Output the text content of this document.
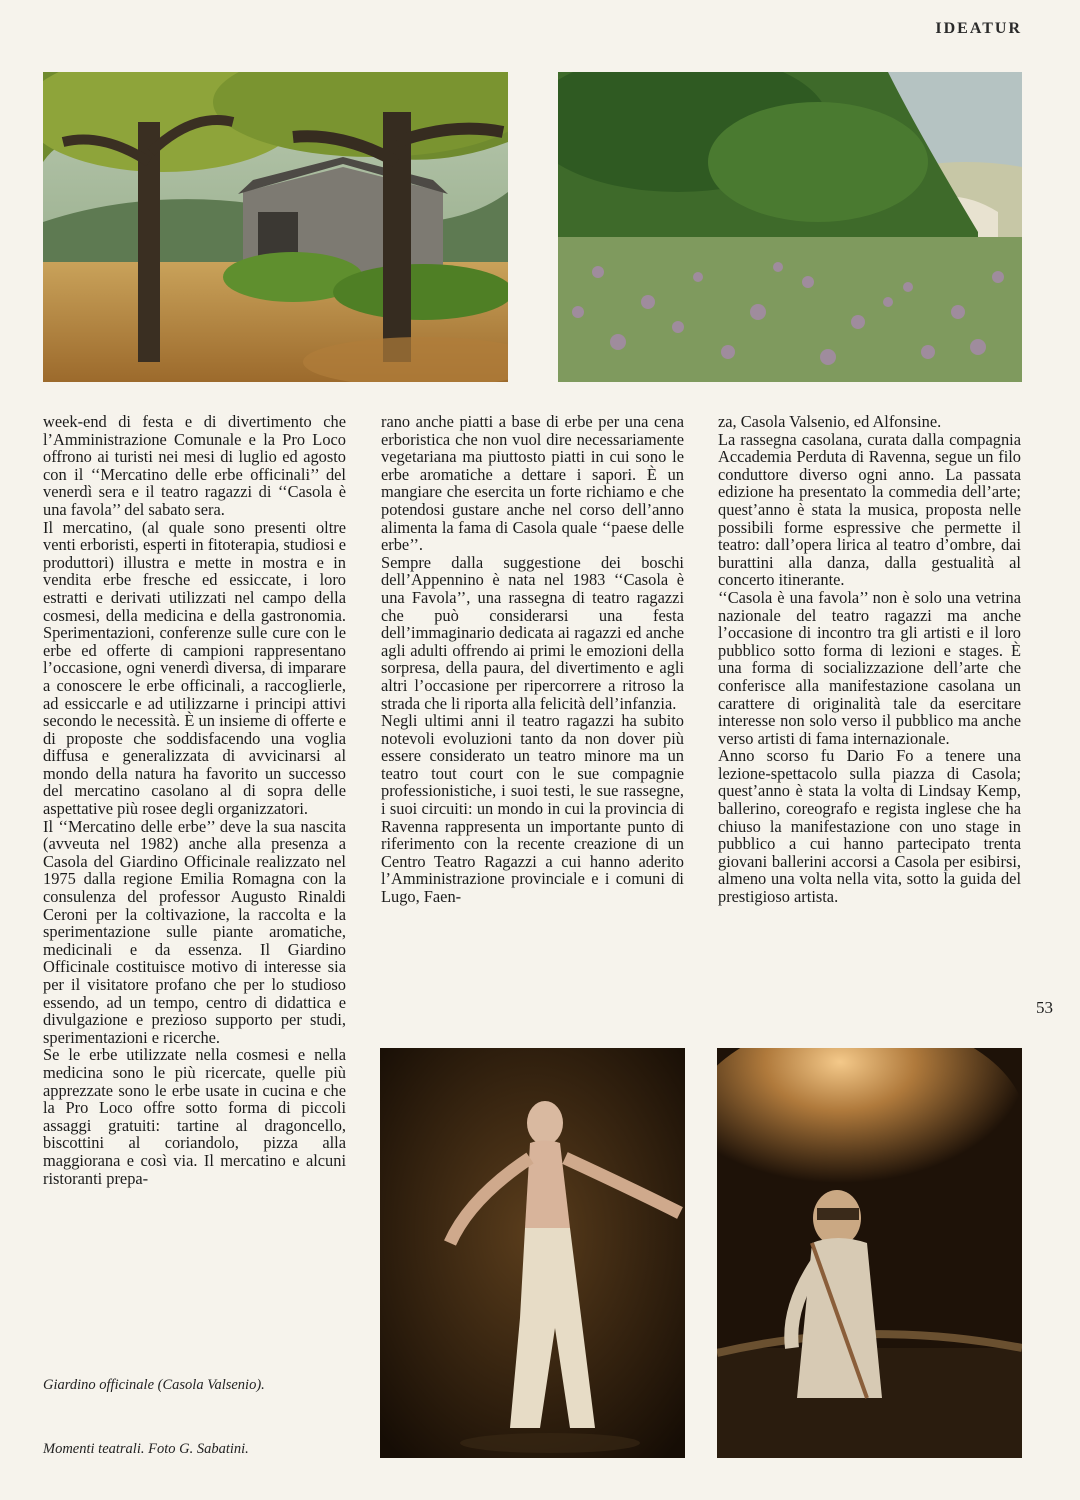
IDEATUR

week-end di festa e di divertimento che l’Amministrazione Comunale e la Pro Loco offrono ai turisti nei mesi di luglio ed agosto con il ‘‘Mercatino delle erbe officinali’’ del venerdì sera e il teatro ragazzi di ‘‘Casola è una favola’’ del sabato sera.

Il mercatino, (al quale sono presenti oltre venti erboristi, esperti in fitoterapia, studiosi e produttori) illustra e mette in mostra e in vendita erbe fresche ed essiccate, i loro estratti e derivati utilizzati nel campo della cosmesi, della medicina e della gastronomia. Sperimentazioni, conferenze sulle cure con le erbe ed offerte di campioni rappresentano l’occasione, ogni venerdì diversa, di imparare a conoscere le erbe officinali, a raccoglierle, ad essiccarle e ad utilizzarne i principi attivi secondo le necessità. È un insieme di offerte e di proposte che soddisfacendo una voglia diffusa e generalizzata di avvicinarsi al mondo della natura ha favorito un successo del mercatino casolano al di sopra delle aspettative più rosee degli organizzatori.

Il ‘‘Mercatino delle erbe’’ deve la sua nascita (avveuta nel 1982) anche alla presenza a Casola del Giardino Officinale realizzato nel 1975 dalla regione Emilia Romagna con la consulenza del professor Augusto Rinaldi Ceroni per la coltivazione, la raccolta e la sperimentazione sulle piante aromatiche, medicinali e da essenza. Il Giardino Officinale costituisce motivo di interesse sia per il visitatore profano che per lo studioso essendo, ad un tempo, centro di didattica e divulgazione e prezioso supporto per studi, sperimentazioni e ricerche.

Se le erbe utilizzate nella cosmesi e nella medicina sono le più ricercate, quelle più apprezzate sono le erbe usate in cucina e che la Pro Loco offre sotto forma di piccoli assaggi gratuiti: tartine al dragoncello, biscottini al coriandolo, pizza alla maggiorana e così via. Il mercatino e alcuni ristoranti prepa-

rano anche piatti a base di erbe per una cena erboristica che non vuol dire necessariamente vegetariana ma piuttosto piatti in cui sono le erbe aromatiche a dettare i sapori. È un mangiare che esercita un forte richiamo e che potendosi gustare anche nel corso dell’anno alimenta la fama di Casola quale ‘‘paese delle erbe’’.

Sempre dalla suggestione dei boschi dell’Appennino è nata nel 1983 ‘‘Casola è una Favola’’, una rassegna di teatro ragazzi che può considerarsi una festa dell’immaginario dedicata ai ragazzi ed anche agli adulti offrendo ai primi le emozioni della sorpresa, della paura, del divertimento e agli altri l’occasione per ripercorrere a ritroso la strada che li riporta alla felicità dell’infanzia.

Negli ultimi anni il teatro ragazzi ha subito notevoli evoluzioni tanto da non dover più essere considerato un teatro minore ma un teatro tout court con le sue compagnie professionistiche, i suoi testi, le sue rassegne, i suoi circuiti: un mondo in cui la provincia di Ravenna rappresenta un importante punto di riferimento con la recente creazione di un Centro Teatro Ragazzi a cui hanno aderito l’Amministrazione provinciale e i comuni di Lugo, Faen-

za, Casola Valsenio, ed Alfonsine.

La rassegna casolana, curata dalla compagnia Accademia Perduta di Ravenna, segue un filo conduttore diverso ogni anno. La passata edizione ha presentato la commedia dell’arte; quest’anno è stata la musica, proposta nelle possibili forme espressive che permette il teatro: dall’opera lirica al teatro d’ombre, dai burattini alla danza, dalla gestualità al concerto itinerante.

‘‘Casola è una favola’’ non è solo una vetrina nazionale del teatro ragazzi ma anche l’occasione di incontro tra gli artisti e il loro pubblico sotto forma di lezioni e stages. È una forma di socializzazione dell’arte che conferisce alla manifestazione casolana un carattere di originalità tale da esercitare interesse non solo verso il pubblico ma anche verso artisti di fama internazionale.

Anno scorso fu Dario Fo a tenere una lezione-spettacolo sulla piazza di Casola; quest’anno è stata la volta di Lindsay Kemp, ballerino, coreografo e regista inglese che ha chiuso la manifestazione con uno stage in pubblico a cui hanno partecipato trenta giovani ballerini accorsi a Casola per esibirsi, almeno una volta nella vita, sotto la guida del prestigioso artista.

53
Giardino officinale (Casola Valsenio).
Momenti teatrali. Foto G. Sabatini.
